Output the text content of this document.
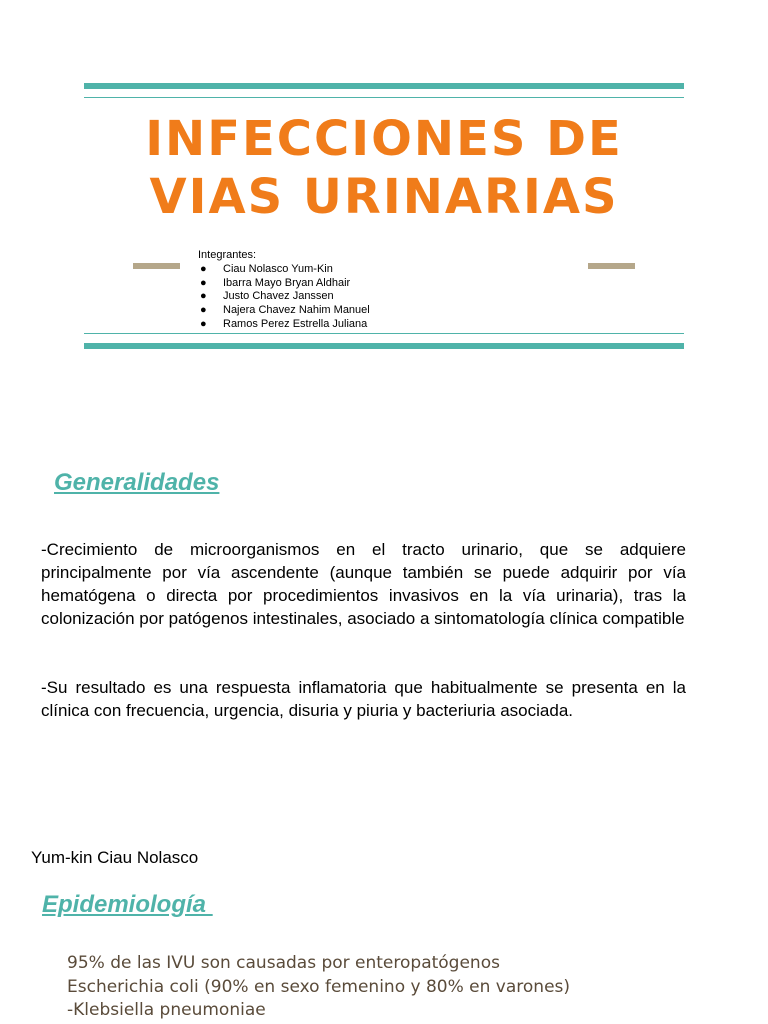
INFECCIONES DE
VIAS URINARIAS
Integrantes:
● Ciau Nolasco Yum-Kin
● Ibarra Mayo Bryan Aldhair
● Justo Chavez Janssen
● Najera Chavez Nahim Manuel
● Ramos Perez Estrella Juliana
Generalidades

-Crecimiento de microorganismos en el tracto urinario, que se adquiere principalmente por vía ascendente (aunque también se puede adquirir por vía hematógena o directa por procedimientos invasivos en la vía urinaria), tras la colonización por patógenos intestinales, asociado a sintomatología clínica compatible

-Su resultado es una respuesta inflamatoria que habitualmente se presenta en la clínica con frecuencia, urgencia, disuria y piuria y bacteriuria asociada.

Yum-kin Ciau Nolasco
Epidemiología
95% de las IVU son causadas por enteropatógenos
Escherichia coli (90% en sexo femenino y 80% en varones)
-Klebsiella pneumoniae
